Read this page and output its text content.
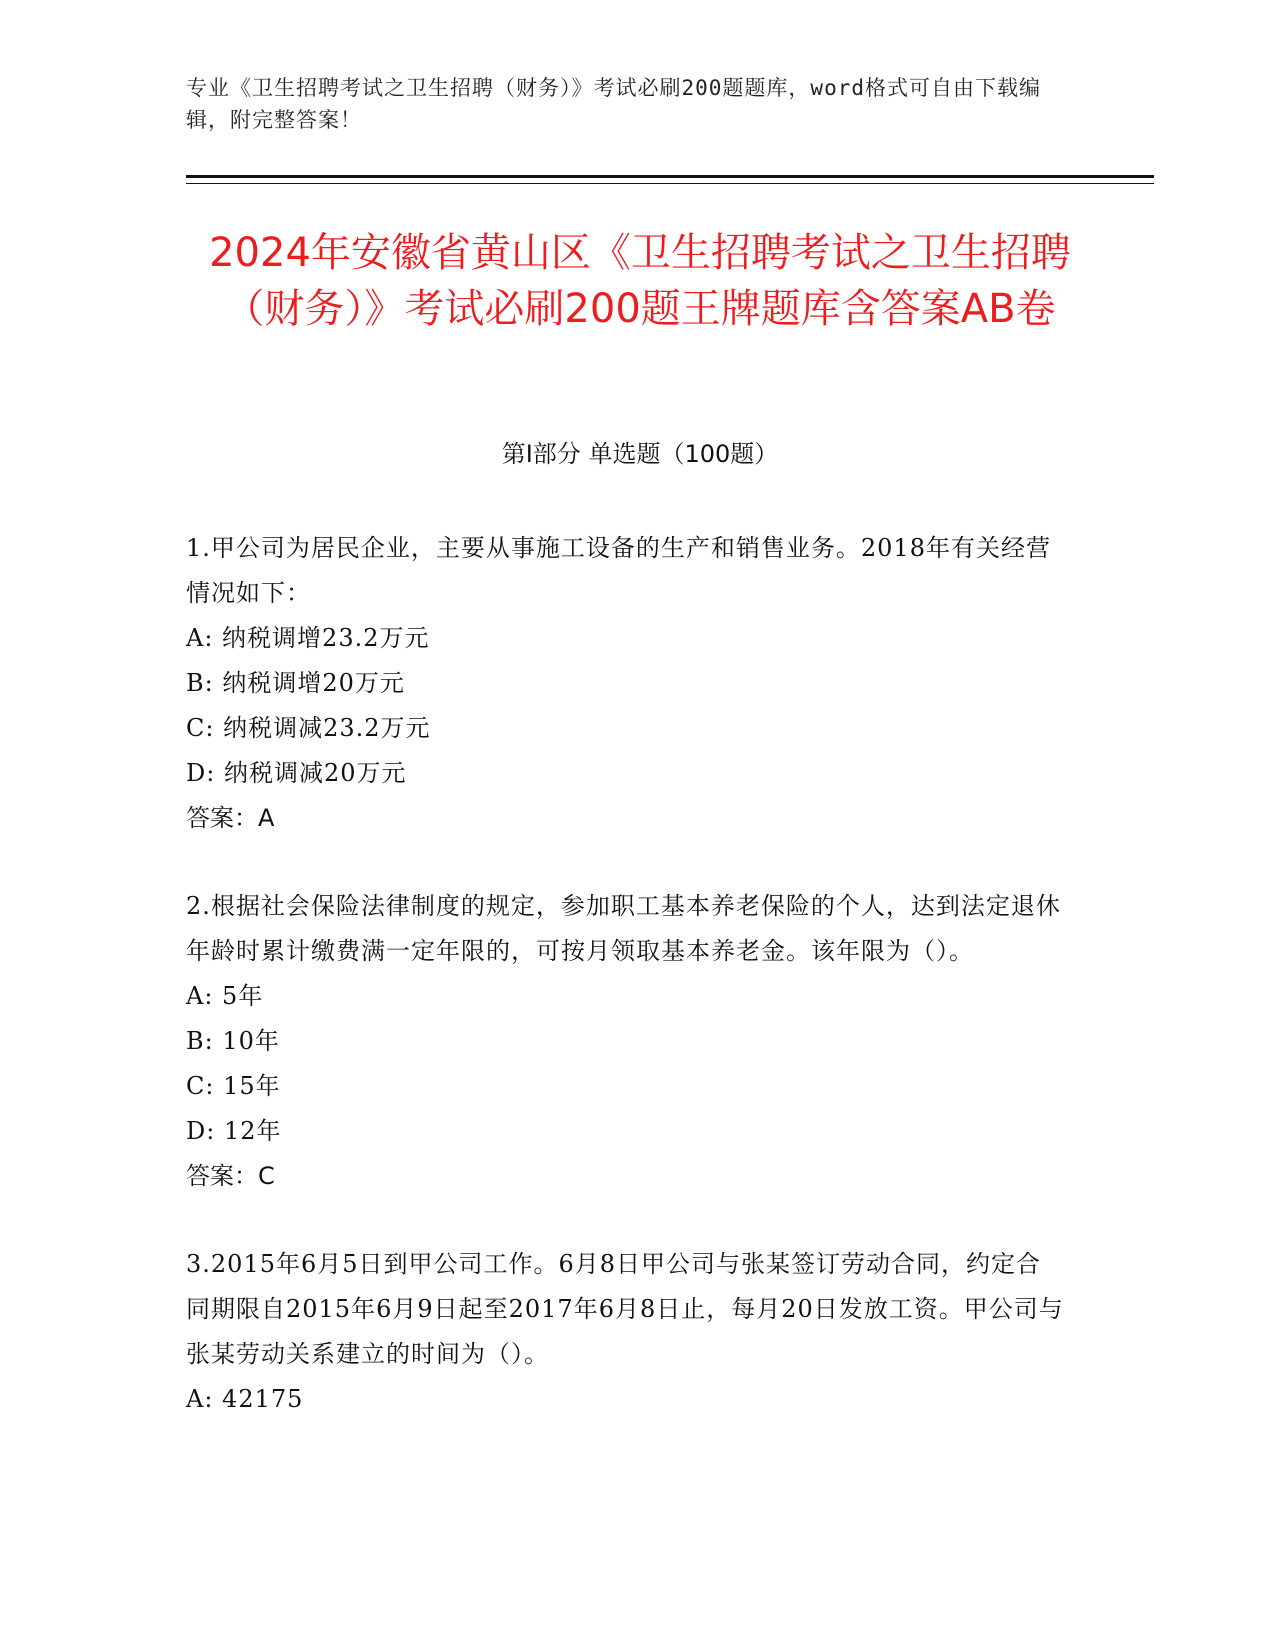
专业《卫生招聘考试之卫生招聘（财务）》考试必刷200题题库，word格式可自由下载编辑，附完整答案！
2024年安徽省黄山区《卫生招聘考试之卫生招聘（财务）》考试必刷200题王牌题库含答案AB卷
第Ⅰ部分 单选题（100题）
1.甲公司为居民企业，主要从事施工设备的生产和销售业务。2018年有关经营情况如下：
A: 纳税调增23.2万元
B: 纳税调增20万元
C: 纳税调减23.2万元
D: 纳税调减20万元
答案：A
2.根据社会保险法律制度的规定，参加职工基本养老保险的个人，达到法定退休年龄时累计缴费满一定年限的，可按月领取基本养老金。该年限为（）。
A: 5年
B: 10年
C: 15年
D: 12年
答案：C
3.2015年6月5日到甲公司工作。6月8日甲公司与张某签订劳动合同，约定合同期限自2015年6月9日起至2017年6月8日止，每月20日发放工资。甲公司与张某劳动关系建立的时间为（）。
A: 42175
